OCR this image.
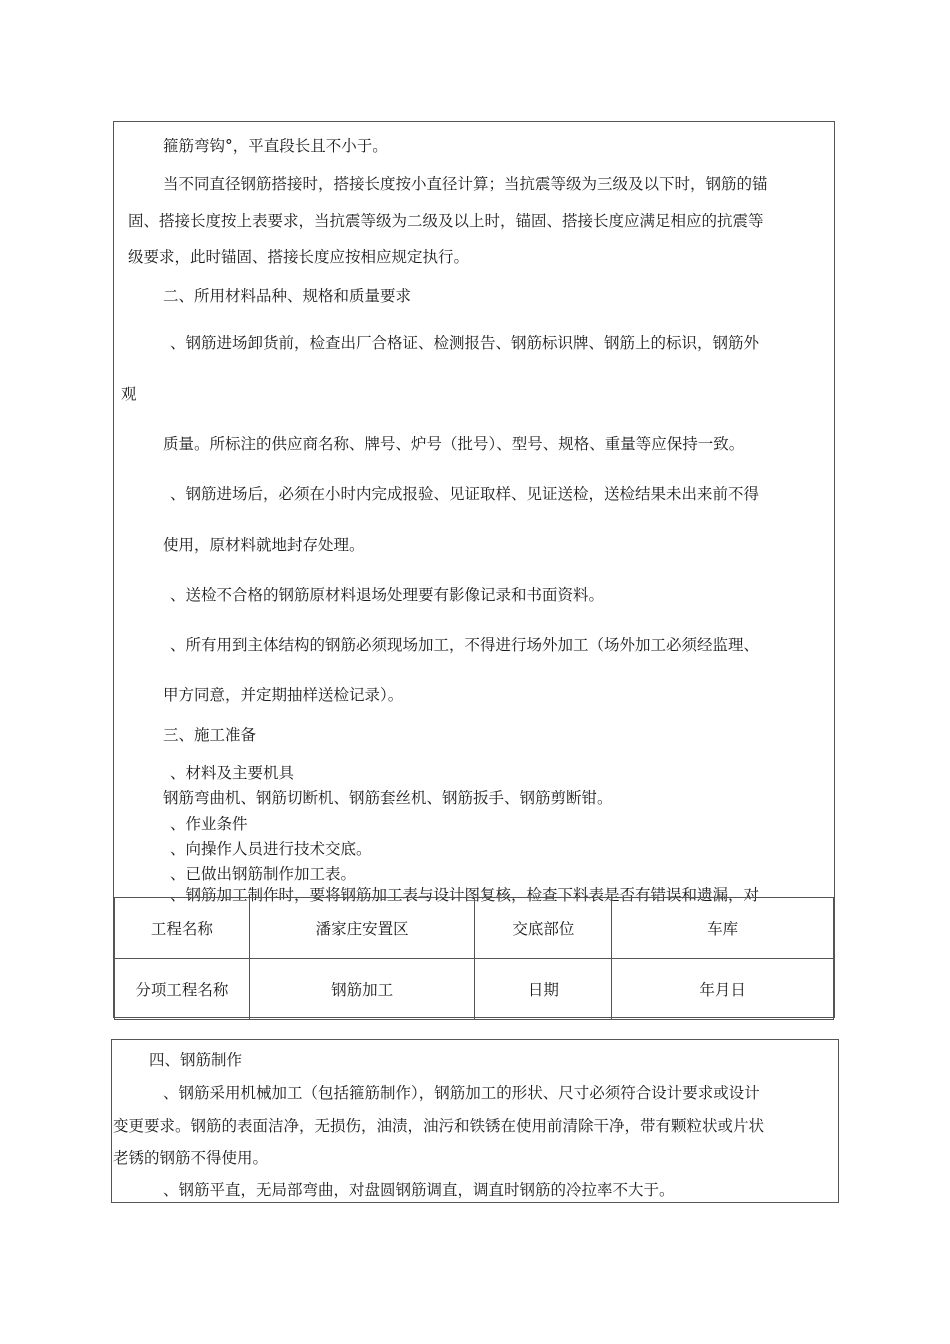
箍筋弯钩°，平直段长且不小于。
当不同直径钢筋搭接时，搭接长度按小直径计算；当抗震等级为三级及以下时，钢筋的锚
固、搭接长度按上表要求，当抗震等级为二级及以上时，锚固、搭接长度应满足相应的抗震等
级要求，此时锚固、搭接长度应按相应规定执行。
二、所用材料品种、规格和质量要求
、钢筋进场卸货前，检查出厂合格证、检测报告、钢筋标识牌、钢筋上的标识，钢筋外
观
质量。所标注的供应商名称、牌号、炉号（批号）、型号、规格、重量等应保持一致。
、钢筋进场后，必须在小时内完成报验、见证取样、见证送检，送检结果未出来前不得
使用，原材料就地封存处理。
、送检不合格的钢筋原材料退场处理要有影像记录和书面资料。
、所有用到主体结构的钢筋必须现场加工，不得进行场外加工（场外加工必须经监理、
甲方同意，并定期抽样送检记录）。
三、施工准备
、材料及主要机具
钢筋弯曲机、钢筋切断机、钢筋套丝机、钢筋扳手、钢筋剪断钳。
、作业条件
、向操作人员进行技术交底。
、已做出钢筋制作加工表。
、钢筋加工制作时，要将钢筋加工表与设计图复核，检查下料表是否有错误和遗漏，对
工程名称	潘家庄安置区	交底部位	车库
分项工程名称	钢筋加工	日期	年月日
四、钢筋制作
、钢筋采用机械加工（包括箍筋制作），钢筋加工的形状、尺寸必须符合设计要求或设计
变更要求。钢筋的表面洁净，无损伤，油渍，油污和铁锈在使用前清除干净，带有颗粒状或片状
老锈的钢筋不得使用。
、钢筋平直，无局部弯曲，对盘圆钢筋调直，调直时钢筋的冷拉率不大于。
